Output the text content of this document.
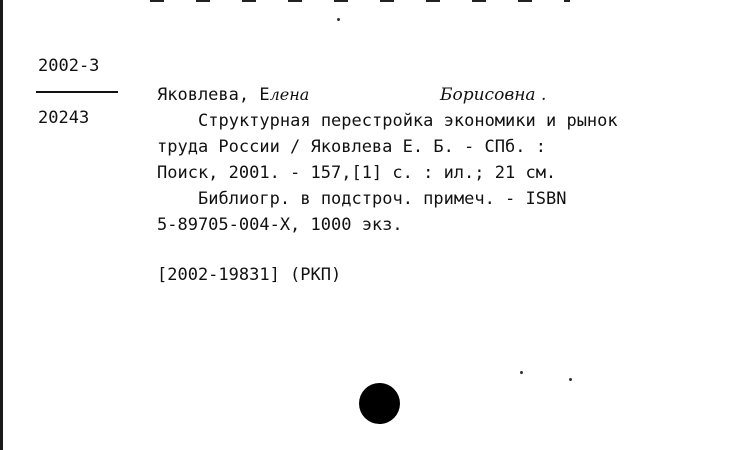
2002-3
20243
Яковлева, Елена	Борисовна .
Структурная перестройка экономики и рынок
труда России / Яковлева Е. Б. - СПб. :
Поиск, 2001. - 157,[1] с. : ил.; 21 см.
Библиогр. в подстроч. примеч. - ISBN
5-89705-004-X, 1000 экз.
[2002-19831] (РКП)
